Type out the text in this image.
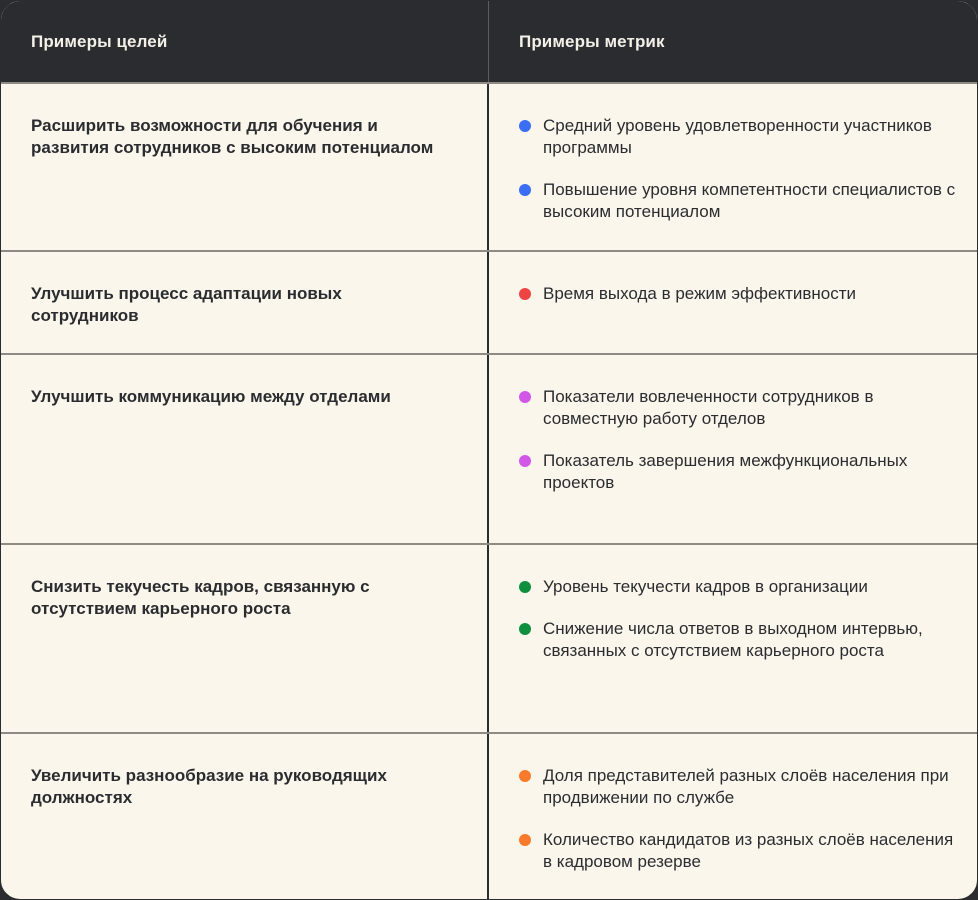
Примеры целей	Примеры метрик
Расширить возможности для обучения и развития сотрудников с высоким потенциалом
Средний уровень удовлетворенности участников программы
Повышение уровня компетентности специалистов с высоким потенциалом
Улучшить процесс адаптации новых сотрудников
Время выхода в режим эффективности
Улучшить коммуникацию между отделами	Показатели вовлеченности сотрудников в совместную работу отделов
Показатель завершения межфункциональных проектов
Снизить текучесть кадров, связанную с отсутствием карьерного роста
Уровень текучести кадров в организации
Снижение числа ответов в выходном интервью, связанных с отсутствием карьерного роста
Увеличить разнообразие на руководящих должностях
Доля представителей разных слоёв населения при продвижении по службе
Количество кандидатов из разных слоёв населения в кадровом резерве
